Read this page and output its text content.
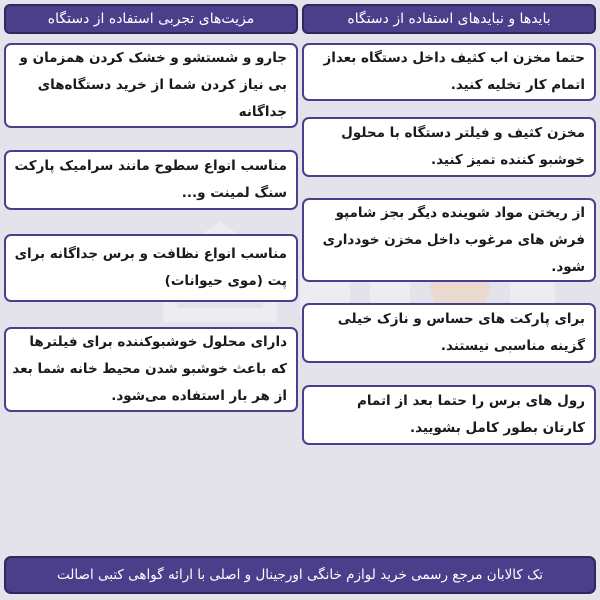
بایدها و نبایدهای استفاده از دستگاه
مزیت‌های تجربی استفاده از دستگاه
حتما مخزن اب کثیف داخل دستگاه بعداز اتمام کار تخلیه کنید.
مخزن کثیف و فیلتر دستگاه با محلول خوشبو کننده تمیز کنید.
از ریختن مواد شوینده دیگر بجز شامپو فرش های مرغوب داخل مخزن خودداری شود.
برای پارکت های حساس و نازک خیلی گزینه مناسبی نیستند.
رول های برس را حتما بعد از اتمام کارتان بطور کامل بشویید.
جارو و شستشو و خشک کردن همزمان و بی نیاز کردن شما از خرید دستگاه‌های جداگانه
مناسب انواع سطوح مانند سرامیک پارکت سنگ لمینت و...
مناسب انواع نظافت و برس جداگانه برای پت (موی حیوانات)
دارای محلول خوشبوکننده برای فیلترها که باعث خوشبو شدن محیط خانه شما بعد از هر بار استفاده می‌شود.
تک کالابان مرجع رسمی خرید لوازم خانگی اورجینال و اصلی با ارائه گواهی کتبی اصالت
